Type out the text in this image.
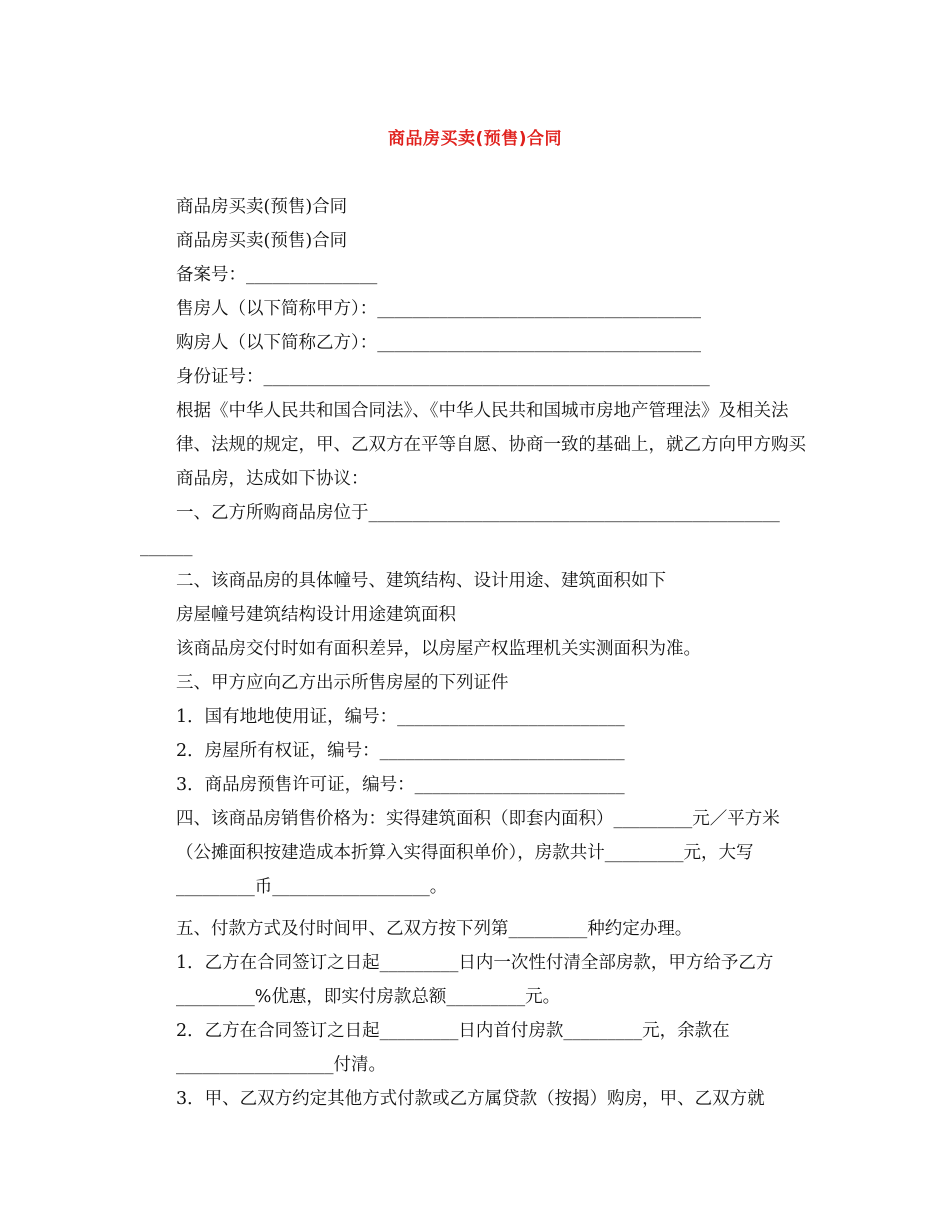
商品房买卖(预售)合同

商品房买卖(预售)合同

商品房买卖(预售)合同

备案号：_______________

售房人（以下简称甲方）：_____________________________________

购房人（以下简称乙方）：_____________________________________

身份证号：___________________________________________________

根据《中华人民共和国合同法》、《中华人民共和国城市房地产管理法》及相关法律、法规的规定，甲、乙双方在平等自愿、协商一致的基础上，就乙方向甲方购买商品房，达成如下协议：

一、乙方所购商品房位于_______________________________________________

______

二、该商品房的具体幢号、建筑结构、设计用途、建筑面积如下

房屋幢号建筑结构设计用途建筑面积

该商品房交付时如有面积差异，以房屋产权监理机关实测面积为准。

三、甲方应向乙方出示所售房屋的下列证件

1．国有地地使用证，编号：__________________________

2．房屋所有权证，编号：____________________________

3．商品房预售许可证，编号：________________________

四、该商品房销售价格为：实得建筑面积（即套内面积）_________元／平方米（公摊面积按建造成本折算入实得面积单价），房款共计_________元，大写_________币__________________。

五、付款方式及付时间甲、乙双方按下列第_________种约定办理。

1．乙方在合同签订之日起_________日内一次性付清全部房款，甲方给予乙方_________%优惠，即实付房款总额_________元。

2．乙方在合同签订之日起_________日内首付房款_________元，余款在__________________付清。

3．甲、乙双方约定其他方式付款或乙方属贷款（按揭）购房，甲、乙双方就
